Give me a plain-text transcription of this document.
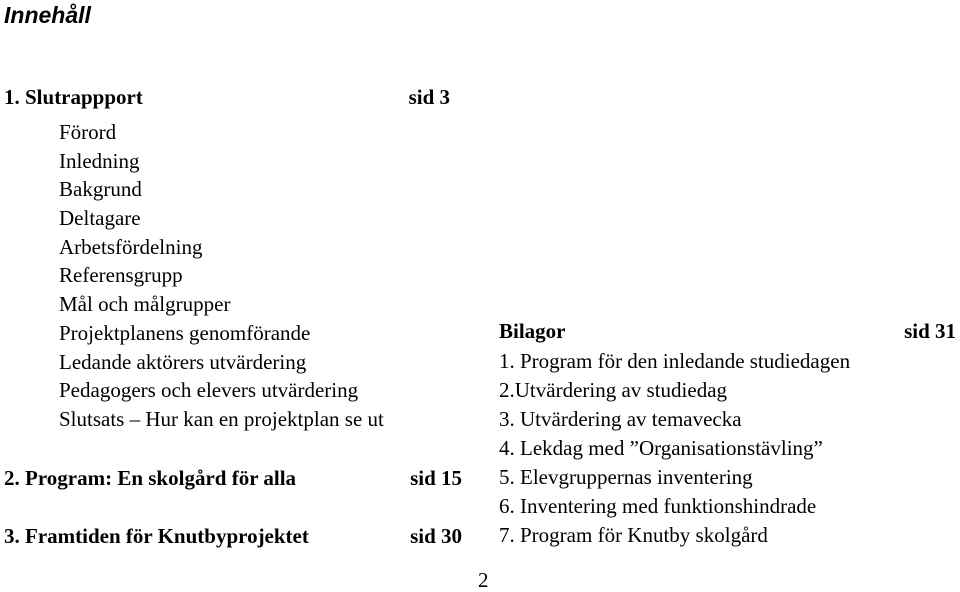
Innehåll
1. Slutrappport	sid 3
Förord
Inledning
Bakgrund
Deltagare
Arbetsfördelning
Referensgrupp
Mål och målgrupper
Projektplanens genomförande
Ledande aktörers utvärdering
Pedagogers och elevers utvärdering
Slutsats – Hur kan en projektplan se ut
2. Program: En skolgård för alla	sid 15
3. Framtiden för Knutbyprojektet	sid 30
Bilagor	sid 31
1. Program för den inledande studiedagen
2.Utvärdering av studiedag
3. Utvärdering av temavecka
4. Lekdag med ”Organisationstävling”
5. Elevgruppernas inventering
6. Inventering med funktionshindrade
7. Program för Knutby skolgård
2
